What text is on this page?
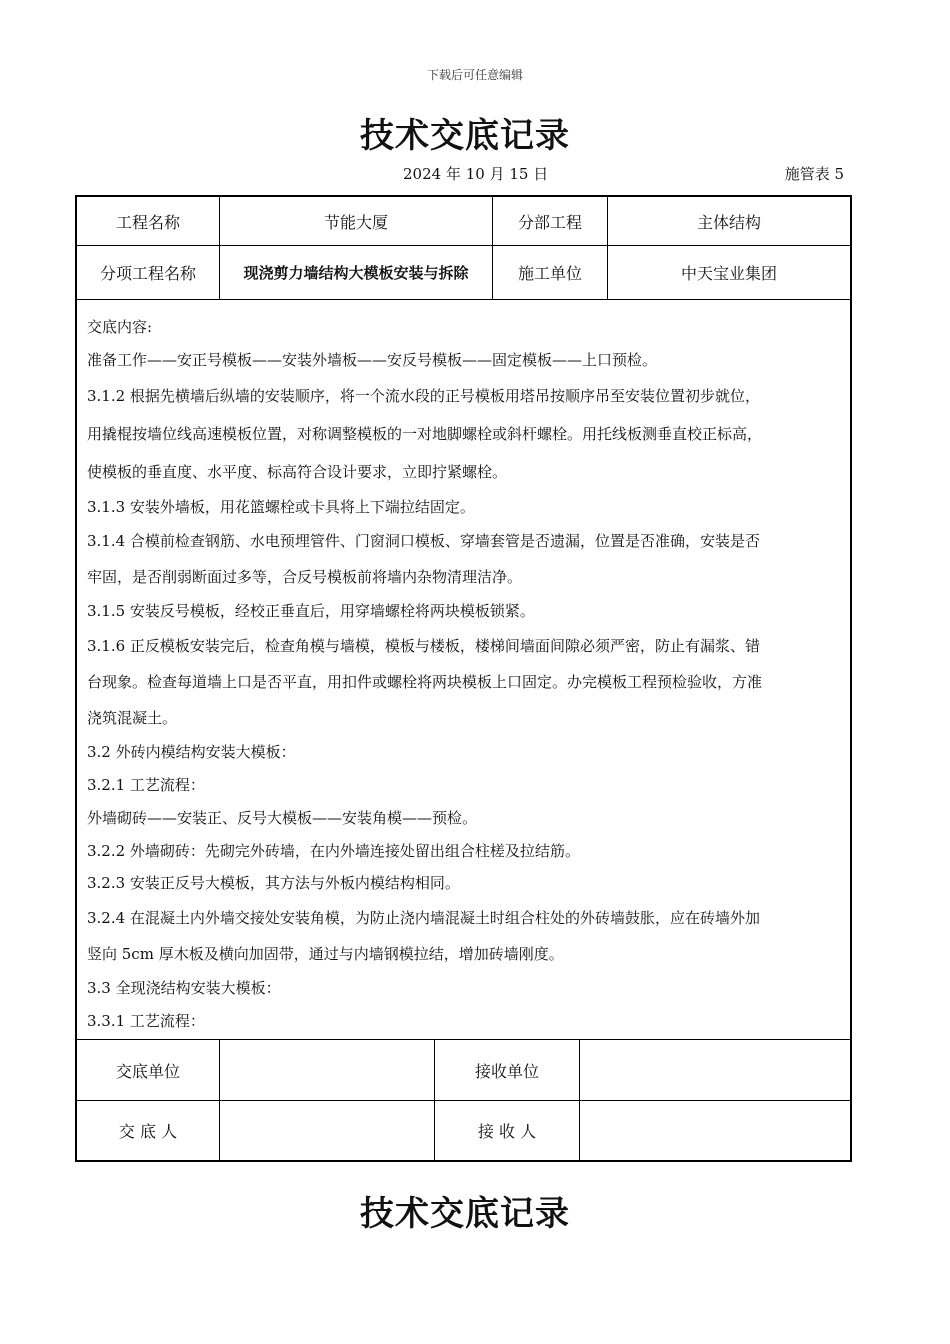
下载后可任意编辑
技术交底记录
2024 年 10 月 15 日	施管表 5
工程名称	节能大厦	分部工程	主体结构
分项工程名称	现浇剪力墙结构大模板安装与拆除	施工单位	中天宝业集团

交底内容:

准备工作——安正号模板——安装外墙板——安反号模板——固定模板——上口预检。

3.1.2 根据先横墙后纵墙的安装顺序，将一个流水段的正号模板用塔吊按顺序吊至安装位置初步就位，

用撬棍按墙位线高速模板位置，对称调整模板的一对地脚螺栓或斜杆螺栓。用托线板测垂直校正标高，

使模板的垂直度、水平度、标高符合设计要求，立即拧紧螺栓。

3.1.3 安装外墙板，用花篮螺栓或卡具将上下端拉结固定。

3.1.4 合模前检查钢筋、水电预埋管件、门窗洞口模板、穿墙套管是否遗漏，位置是否准确，安装是否

牢固，是否削弱断面过多等，合反号模板前将墙内杂物清理洁净。

3.1.5 安装反号模板，经校正垂直后，用穿墙螺栓将两块模板锁紧。

3.1.6 正反模板安装完后，检查角模与墙模，模板与楼板，楼梯间墙面间隙必须严密，防止有漏浆、错

台现象。检查每道墙上口是否平直，用扣件或螺栓将两块模板上口固定。办完模板工程预检验收，方准

浇筑混凝土。

3.2 外砖内模结构安装大模板：

3.2.1 工艺流程：

外墙砌砖——安装正、反号大模板——安装角模——预检。

3.2.2 外墙砌砖：先砌完外砖墙，在内外墙连接处留出组合柱槎及拉结筋。

3.2.3 安装正反号大模板，其方法与外板内模结构相同。

3.2.4 在混凝土内外墙交接处安装角模，为防止浇内墙混凝土时组合柱处的外砖墙鼓胀，应在砖墙外加

竖向 5cm 厚木板及横向加固带，通过与内墙钢模拉结，增加砖墙刚度。

3.3 全现浇结构安装大模板：

3.3.1 工艺流程：

交底单位	接收单位
交 底 人	接 收 人
技术交底记录
